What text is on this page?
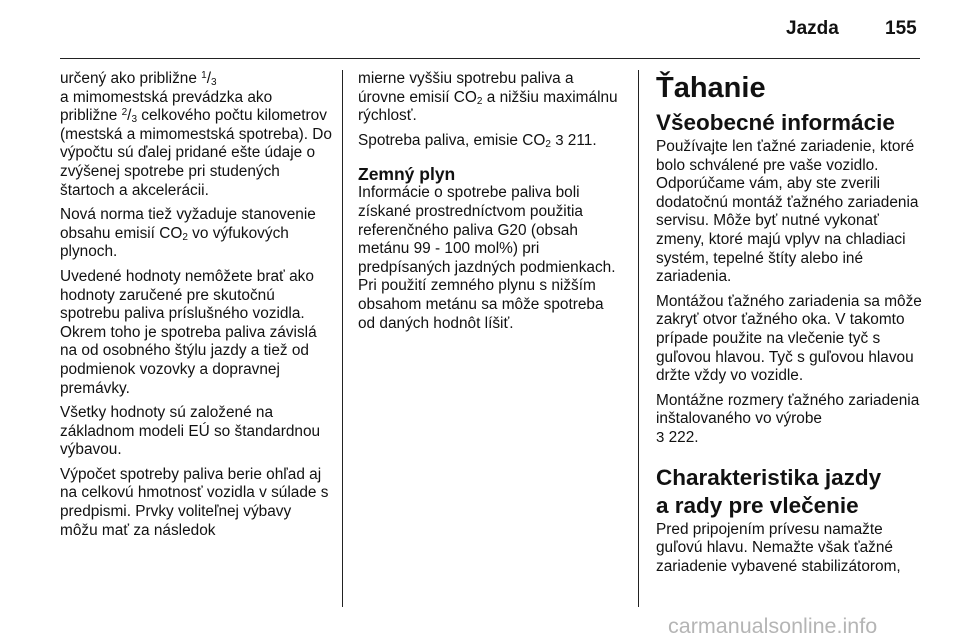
Jazda 155

určený ako približne $^1/_3$
a mimomestská prevádzka ako
približne $^2/_3$ celkového počtu kilometrov (mestská a mimomestská spotreba). Do výpočtu sú ďalej pridané ešte údaje o zvýšenej spotrebe pri studených štartoch a akcelerácii.

Nová norma tiež vyžaduje stanovenie obsahu emisií $CO_2$ vo výfukových plynoch.

Uvedené hodnoty nemôžete brať ako hodnoty zaručené pre skutočnú spotrebu paliva príslušného vozidla. Okrem toho je spotreba paliva závislá na od osobného štýlu jazdy a tiež od podmienok vozovky a dopravnej premávky.

Všetky hodnoty sú založené na základnom modeli EÚ so štandardnou výbavou.

Výpočet spotreby paliva berie ohľad aj na celkovú hmotnosť vozidla v súlade s predpismi. Prvky voliteľnej výbavy môžu mať za následok

mierne vyššiu spotrebu paliva a úrovne emisií $CO_2$ a nižšiu maximálnu rýchlosť.

Spotreba paliva, emisie $CO_2$ 3 211.

Zemný plyn

Informácie o spotrebe paliva boli získané prostredníctvom použitia referenčného paliva G20 (obsah metánu 99 - 100 mol%) pri predpísaných jazdných podmienkach. Pri použití zemného plynu s nižším obsahom metánu sa môže spotreba od daných hodnôt líšiť.

Ťahanie
Všeobecné informácie

Používajte len ťažné zariadenie, ktoré bolo schválené pre vaše vozidlo. Odporúčame vám, aby ste zverili dodatočnú montáž ťažného zariadenia servisu. Môže byť nutné vykonať zmeny, ktoré majú vplyv na chladiaci systém, tepelné štíty alebo iné zariadenia.

Montážou ťažného zariadenia sa môže zakryť otvor ťažného oka. V takomto prípade použite na vlečenie tyč s guľovou hlavou. Tyč s guľovou hlavou držte vždy vo vozidle.

Montážne rozmery ťažného zariadenia inštalovaného vo výrobe
3 222.

Charakteristika jazdy
a rady pre vlečenie

Pred pripojením prívesu namažte guľovú hlavu. Nemažte však ťažné zariadenie vybavené stabilizátorom,

carmanualsonline.info
